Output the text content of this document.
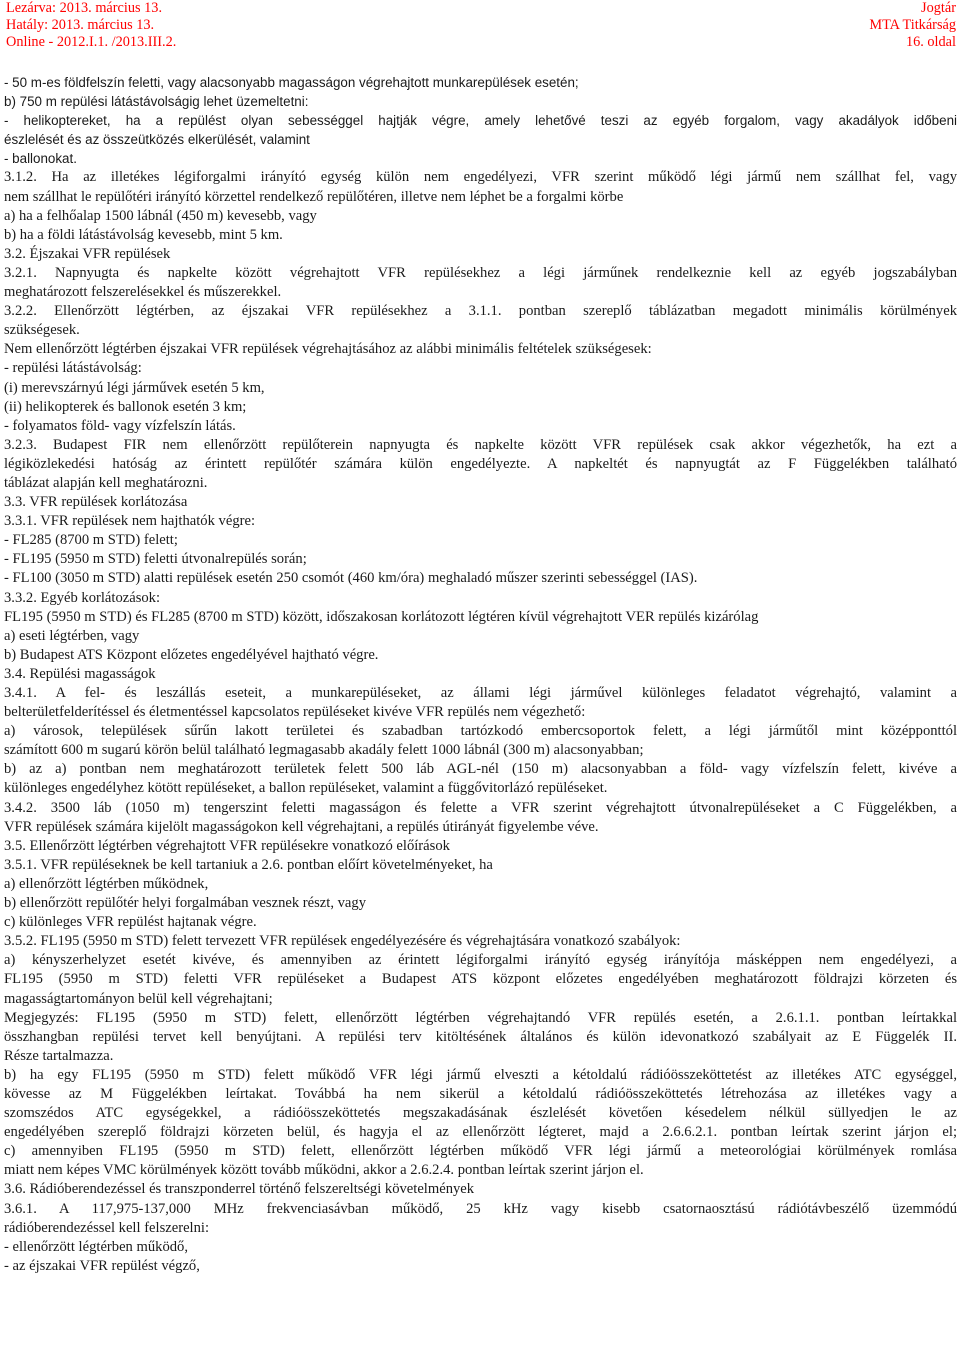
Lezárva: 2013. március 13.
Hatály: 2013. március 13.
Online - 2012.I.1. /2013.III.2.
Jogtár
MTA Titkárság
16. oldal
- 50 m-es földfelszín feletti, vagy alacsonyabb magasságon végrehajtott munkarepülések esetén;
b) 750 m repülési látástávolságig lehet üzemeltetni:
- helikoptereket, ha a repülést olyan sebességgel hajtják végre, amely lehetővé teszi az egyéb forgalom, vagy akadályok időbeni
észlelését és az összeütközés elkerülését, valamint
- ballonokat.
3.1.2. Ha az illetékes légiforgalmi irányító egység külön nem engedélyezi, VFR szerint működő légi jármű nem szállhat fel, vagy
nem szállhat le repülőtéri irányító körzettel rendelkező repülőtéren, illetve nem léphet be a forgalmi körbe
a) ha a felhőalap 1500 lábnál (450 m) kevesebb, vagy
b) ha a földi látástávolság kevesebb, mint 5 km.
3.2. Éjszakai VFR repülések
3.2.1. Napnyugta és napkelte között végrehajtott VFR repülésekhez a légi járműnek rendelkeznie kell az egyéb jogszabályban
meghatározott felszerelésekkel és műszerekkel.
3.2.2. Ellenőrzött légtérben, az éjszakai VFR repülésekhez a 3.1.1. pontban szereplő táblázatban megadott minimális körülmények
szükségesek.
Nem ellenőrzött légtérben éjszakai VFR repülések végrehajtásához az alábbi minimális feltételek szükségesek:
- repülési látástávolság:
(i) merevszárnyú légi járművek esetén 5 km,
(ii) helikopterek és ballonok esetén 3 km;
- folyamatos föld- vagy vízfelszín látás.
3.2.3. Budapest FIR nem ellenőrzött repülőterein napnyugta és napkelte között VFR repülések csak akkor végezhetők, ha ezt a
légiközlekedési hatóság az érintett repülőtér számára külön engedélyezte. A napkeltét és napnyugtát az F Függelékben található
táblázat alapján kell meghatározni.
3.3. VFR repülések korlátozása
3.3.1. VFR repülések nem hajthatók végre:
- FL285 (8700 m STD) felett;
- FL195 (5950 m STD) feletti útvonalrepülés során;
- FL100 (3050 m STD) alatti repülések esetén 250 csomót (460 km/óra) meghaladó műszer szerinti sebességgel (IAS).
3.3.2. Egyéb korlátozások:
FL195 (5950 m STD) és FL285 (8700 m STD) között, időszakosan korlátozott légtéren kívül végrehajtott VER repülés kizárólag
a) eseti légtérben, vagy
b) Budapest ATS Központ előzetes engedélyével hajtható végre.
3.4. Repülési magasságok
3.4.1. A fel- és leszállás eseteit, a munkarepüléseket, az állami légi járművel különleges feladatot végrehajtó, valamint a
belterületfelderítéssel és életmentéssel kapcsolatos repüléseket kivéve VFR repülés nem végezhető:
a) városok, települések sűrűn lakott területei és szabadban tartózkodó embercsoportok felett, a légi járműtől mint középponttól
számított 600 m sugarú körön belül található legmagasabb akadály felett 1000 lábnál (300 m) alacsonyabban;
b) az a) pontban nem meghatározott területek felett 500 láb AGL-nél (150 m) alacsonyabban a föld- vagy vízfelszín felett, kivéve a
különleges engedélyhez kötött repüléseket, a ballon repüléseket, valamint a függővitorlázó repüléseket.
3.4.2. 3500 láb (1050 m) tengerszint feletti magasságon és felette a VFR szerint végrehajtott útvonalrepüléseket a C Függelékben, a
VFR repülések számára kijelölt magasságokon kell végrehajtani, a repülés útirányát figyelembe véve.
3.5. Ellenőrzött légtérben végrehajtott VFR repülésekre vonatkozó előírások
3.5.1. VFR repüléseknek be kell tartaniuk a 2.6. pontban előírt követelményeket, ha
a) ellenőrzött légtérben működnek,
b) ellenőrzött repülőtér helyi forgalmában vesznek részt, vagy
c) különleges VFR repülést hajtanak végre.
3.5.2. FL195 (5950 m STD) felett tervezett VFR repülések engedélyezésére és végrehajtására vonatkozó szabályok:
a) kényszerhelyzet esetét kivéve, és amennyiben az érintett légiforgalmi irányító egység irányítója másképpen nem engedélyezi, a
FL195 (5950 m STD) feletti VFR repüléseket a Budapest ATS központ előzetes engedélyében meghatározott földrajzi körzeten és
magasságtartományon belül kell végrehajtani;
Megjegyzés: FL195 (5950 m STD) felett, ellenőrzött légtérben végrehajtandó VFR repülés esetén, a 2.6.1.1. pontban leírtakkal
összhangban repülési tervet kell benyújtani. A repülési terv kitöltésének általános és külön idevonatkozó szabályait az E Függelék II.
Része tartalmazza.
b) ha egy FL195 (5950 m STD) felett működő VFR légi jármű elveszti a kétoldalú rádióösszeköttetést az illetékes ATC egységgel,
kövesse az M Függelékben leírtakat. Továbbá ha nem sikerül a kétoldalú rádióösszeköttetés létrehozása az illetékes vagy a
szomszédos ATC egységekkel, a rádióösszeköttetés megszakadásának észlelését követően késedelem nélkül süllyedjen le az
engedélyében szereplő földrajzi körzeten belül, és hagyja el az ellenőrzött légteret, majd a 2.6.6.2.1. pontban leírtak szerint járjon el;
c) amennyiben FL195 (5950 m STD) felett, ellenőrzött légtérben működő VFR légi jármű a meteorológiai körülmények romlása
miatt nem képes VMC körülmények között tovább működni, akkor a 2.6.2.4. pontban leírtak szerint járjon el.
3.6. Rádióberendezéssel és transzponderrel történő felszereltségi követelmények
3.6.1. A 117,975-137,000 MHz frekvenciasávban működő, 25 kHz vagy kisebb csatornaosztású rádiótávbeszélő üzemmódú
rádióberendezéssel kell felszerelni:
- ellenőrzött légtérben működő,
- az éjszakai VFR repülést végző,
